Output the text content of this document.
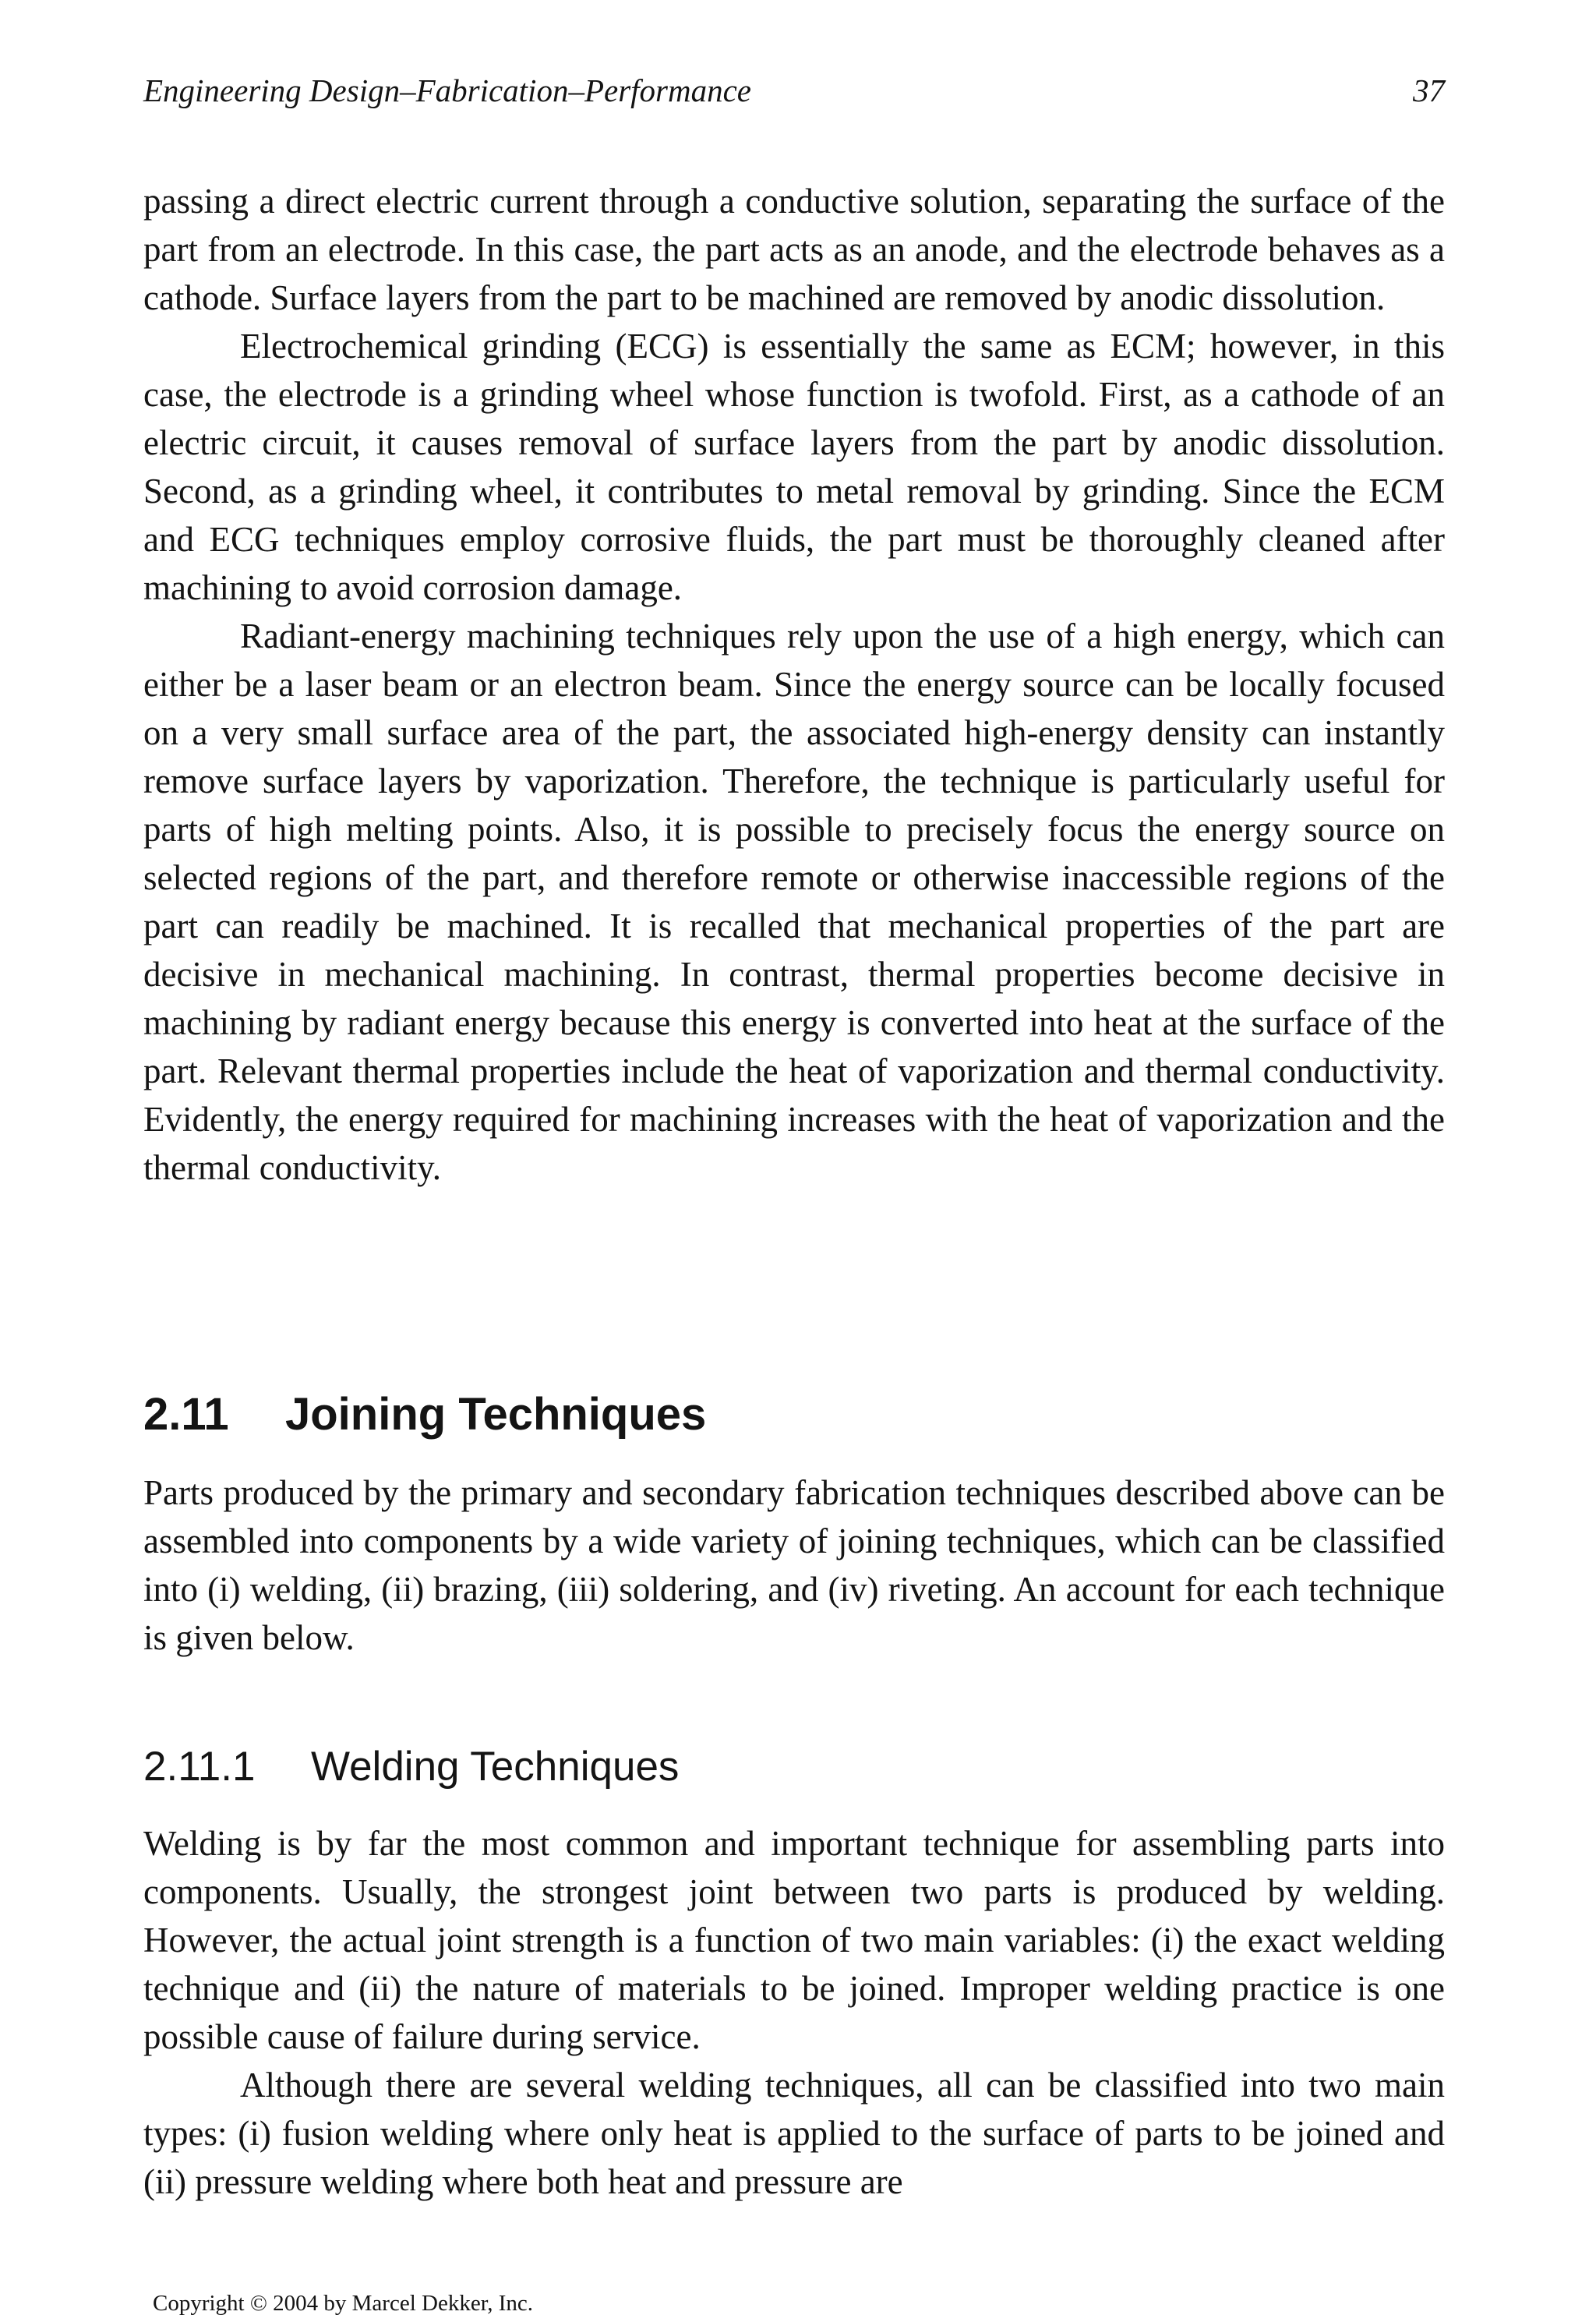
Engineering Design–Fabrication–Performance	37

passing a direct electric current through a conductive solution, separating the surface of the part from an electrode. In this case, the part acts as an anode, and the electrode behaves as a cathode. Surface layers from the part to be machined are removed by anodic dissolution.

Electrochemical grinding (ECG) is essentially the same as ECM; however, in this case, the electrode is a grinding wheel whose function is twofold. First, as a cathode of an electric circuit, it causes removal of surface layers from the part by anodic dissolution. Second, as a grinding wheel, it contributes to metal removal by grinding. Since the ECM and ECG techniques employ corrosive fluids, the part must be thoroughly cleaned after machining to avoid corrosion damage.

Radiant-energy machining techniques rely upon the use of a high energy, which can either be a laser beam or an electron beam. Since the energy source can be locally focused on a very small surface area of the part, the associated high-energy density can instantly remove surface layers by vaporization. Therefore, the technique is particularly useful for parts of high melting points. Also, it is possible to precisely focus the energy source on selected regions of the part, and therefore remote or otherwise inaccessible regions of the part can readily be machined. It is recalled that mechanical properties of the part are decisive in mechanical machining. In contrast, thermal properties become decisive in machining by radiant energy because this energy is converted into heat at the surface of the part. Relevant thermal properties include the heat of vaporization and thermal conductivity. Evidently, the energy required for machining increases with the heat of vaporization and the thermal conductivity.

2.11 Joining Techniques

Parts produced by the primary and secondary fabrication techniques described above can be assembled into components by a wide variety of joining techniques, which can be classified into (i) welding, (ii) brazing, (iii) soldering, and (iv) riveting. An account for each technique is given below.

2.11.1 Welding Techniques

Welding is by far the most common and important technique for assembling parts into components. Usually, the strongest joint between two parts is produced by welding. However, the actual joint strength is a function of two main variables: (i) the exact welding technique and (ii) the nature of materials to be joined. Improper welding practice is one possible cause of failure during service.

Although there are several welding techniques, all can be classified into two main types: (i) fusion welding where only heat is applied to the surface of parts to be joined and (ii) pressure welding where both heat and pressure are

Copyright © 2004 by Marcel Dekker, Inc.
